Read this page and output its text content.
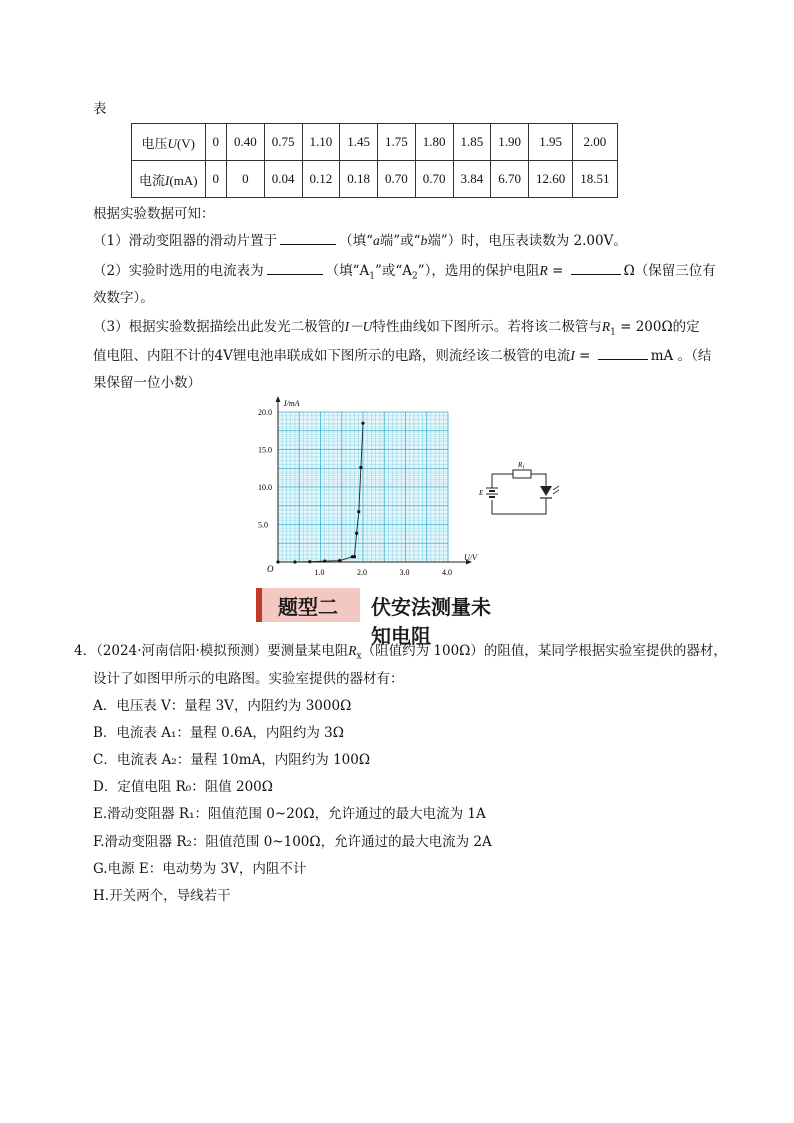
表
电压U(V)	0	0.40	0.75	1.10	1.45	1.75	1.80	1.85	1.90	1.95	2.00
电流I(mA)	0	0	0.04	0.12	0.18	0.70	0.70	3.84	6.70	12.60	18.51
根据实验数据可知：
（1）滑动变阻器的滑动片置于	（填“a端”或“b端”）时，电压表读数为 2.00V。
（2）实验时选用的电流表为	（填“$A_1$”或“$A_2$”），选用的保护电阻R =	Ω（保留三位有
效数字）。
（3）根据实验数据描绘出此发光二极管的I－U特性曲线如下图所示。若将该二极管与$R_1 = 200\Omega$的定
值电阻、内阻不计的4V锂电池串联成如下图所示的电路，则流经该二极管的电流I =	mA 。（结
果保留一位小数）
1.0	2.0	3.0	4.0
5.0
10.0
15.0
20.0
I/mA
U/V
O
$R_1$
E
题型二 伏安法测量未知电阻
4．（2024·河南信阳·模拟预测）要测量某电阻$R_x$（阻值约为 100Ω）的阻值，某同学根据实验室提供的器材，
设计了如图甲所示的电路图。实验室提供的器材有：
A．电压表 V：量程 3V，内阻约为 3000Ω
B．电流表 A₁：量程 0.6A，内阻约为 3Ω
C．电流表 A₂：量程 10mA，内阻约为 100Ω
D．定值电阻 R₀：阻值 200Ω
E.滑动变阻器 R₁：阻值范围 0~20Ω，允许通过的最大电流为 1A
F.滑动变阻器 R₂：阻值范围 0~100Ω，允许通过的最大电流为 2A
G.电源 E：电动势为 3V，内阻不计
H.开关两个，导线若干
